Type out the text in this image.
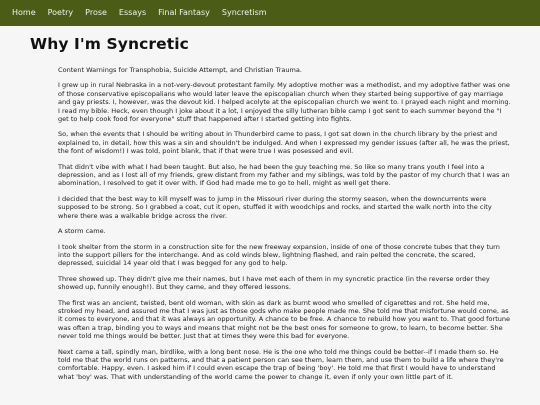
Home	Poetry	Prose	Essays	Final Fantasy	Syncretism
Why I'm Syncretic

Content Warnings for Transphobia, Suicide Attempt, and Christian Trauma.

I grew up in rural Nebraska in a not-very-devout protestant family. My adoptive mother was a methodist, and my adoptive father was one of those conservative episcopalians who would later leave the episcopalian church when they started being supportive of gay marriage and gay priests. I, however, was the devout kid. I helped acolyte at the episcopalian church we went to. I prayed each night and morning. I read my bible. Heck, even though I joke about it a lot, I enjoyed the silly lutheran bible camp I got sent to each summer beyond the "I get to help cook food for everyone" stuff that happened after I started getting into fights.

So, when the events that I should be writing about in Thunderbird came to pass, I got sat down in the church library by the priest and explained to, in detail, how this was a sin and shouldn't be indulged. And when I expressed my gender issues (after all, he was the priest, the font of wisdom!) I was told, point blank, that if that were true I was posessed and evil.

That didn't vibe with what I had been taught. But also, he had been the guy teaching me. So like so many trans youth I feel into a depression, and as I lost all of my friends, grew distant from my father and my siblings, was told by the pastor of my church that I was an abomination, I resolved to get it over with. If God had made me to go to hell, might as well get there.

I decided that the best way to kill myself was to jump in the Missouri river during the stormy season, when the downcurrents were supposed to be strong. So I grabbed a coat, cut it open, stuffed it with woodchips and rocks, and started the walk north into the city where there was a walkable bridge across the river.

A storm came.

I took shelter from the storm in a construction site for the new freeway expansion, inside of one of those concrete tubes that they turn into the support pillers for the interchange. And as cold winds blew, lightning flashed, and rain pelted the concrete, the scared, depressed, suicidal 14 year old that I was begged for any god to help.

Three showed up. They didn't give me their names, but I have met each of them in my syncretic practice (in the reverse order they showed up, funnily enough!). But they came, and they offered lessons.

The first was an ancient, twisted, bent old woman, with skin as dark as burnt wood who smelled of cigarettes and rot. She held me, stroked my head, and assured me that I was just as those gods who make people made me. She told me that misfortune would come, as it comes to everyone, and that it was always an opportunity. A chance to be free. A chance to rebuild how you want to. That good fortune was often a trap, binding you to ways and means that might not be the best ones for someone to grow, to learn, to become better. She never told me things would be better. Just that at times they were this bad for everyone.

Next came a tall, spindly man, birdlike, with a long bent nose. He is the one who told me things could be better--if I made them so. He told me that the world runs on patterns, and that a patient person can see them, learn them, and use them to build a life where they're comfortable. Happy, even. I asked him if I could even escape the trap of being 'boy'. He told me that first I would have to understand what 'boy' was. That with understanding of the world came the power to change it, even if only your own little part of it.
